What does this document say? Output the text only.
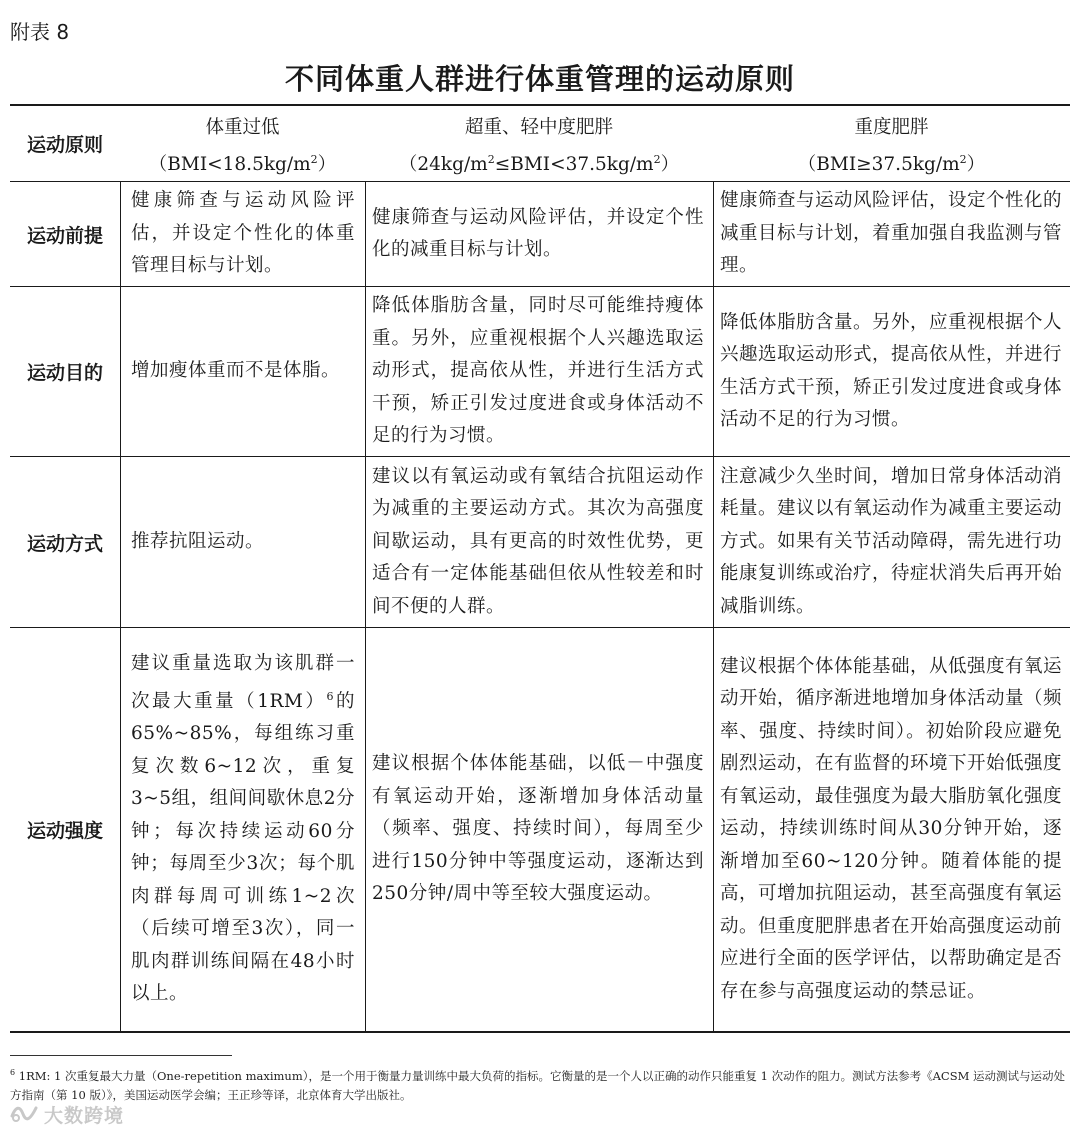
附表 8
不同体重人群进行体重管理的运动原则
运动原则
体重过低
$(BMI<18.5kg/m^2)$
超重、轻中度肥胖
$(24kg/m^2\le BMI<37.5kg/m^2)$
重度肥胖
$(BMI\ge 37.5kg/m^2)$
运动前提
健康筛查与运动风险评估，并设定个性化的体重管理目标与计划。
健康筛查与运动风险评估，并设定个性化的减重目标与计划。
健康筛查与运动风险评估，设定个性化的减重目标与计划，着重加强自我监测与管理。
运动目的	增加瘦体重而不是体脂。
降低体脂肪含量，同时尽可能维持瘦体重。另外，应重视根据个人兴趣选取运动形式，提高依从性，并进行生活方式干预，矫正引发过度进食或身体活动不足的行为习惯。
降低体脂肪含量。另外，应重视根据个人兴趣选取运动形式，提高依从性，并进行生活方式干预，矫正引发过度进食或身体活动不足的行为习惯。
运动方式	推荐抗阻运动。
建议以有氧运动或有氧结合抗阻运动作为减重的主要运动方式。其次为高强度间歇运动，具有更高的时效性优势，更适合有一定体能基础但依从性较差和时间不便的人群。
注意减少久坐时间，增加日常身体活动消耗量。建议以有氧运动作为减重主要运动方式。如果有关节活动障碍，需先进行功能康复训练或治疗，待症状消失后再开始减脂训练。
运动强度
建议重量选取为该肌群一次最大重量$(1RM)^6$的65%~85%，每组练习重复次数6~12次，重复3~5组，组间间歇休息2分钟；每次持续运动60分钟；每周至少3次；每个肌肉群每周可训练1~2次（后续可增至3次），同一肌肉群训练间隔在48小时以上。
建议根据个体体能基础，以低－中强度有氧运动开始，逐渐增加身体活动量（频率、强度、持续时间），每周至少进行150分钟中等强度运动，逐渐达到250分钟/周中等至较大强度运动。
建议根据个体体能基础，从低强度有氧运动开始，循序渐进地增加身体活动量（频率、强度、持续时间）。初始阶段应避免剧烈运动，在有监督的环境下开始低强度有氧运动，最佳强度为最大脂肪氧化强度运动，持续训练时间从30分钟开始，逐渐增加至60~120分钟。随着体能的提高，可增加抗阻运动，甚至高强度有氧运动。但重度肥胖患者在开始高强度运动前应进行全面的医学评估，以帮助确定是否存在参与高强度运动的禁忌证。
$^6$ 1RM: 1 次重复最大力量（One-repetition maximum），是一个用于衡量力量训练中最大负荷的指标。它衡量的是一个人以正确的动作只能重复 1 次动作的阻力。测试方法参考《ACSM 运动测试与运动处方指南（第 10 版）》，美国运动医学会编；王正珍等译，北京体育大学出版社。
大数跨境
